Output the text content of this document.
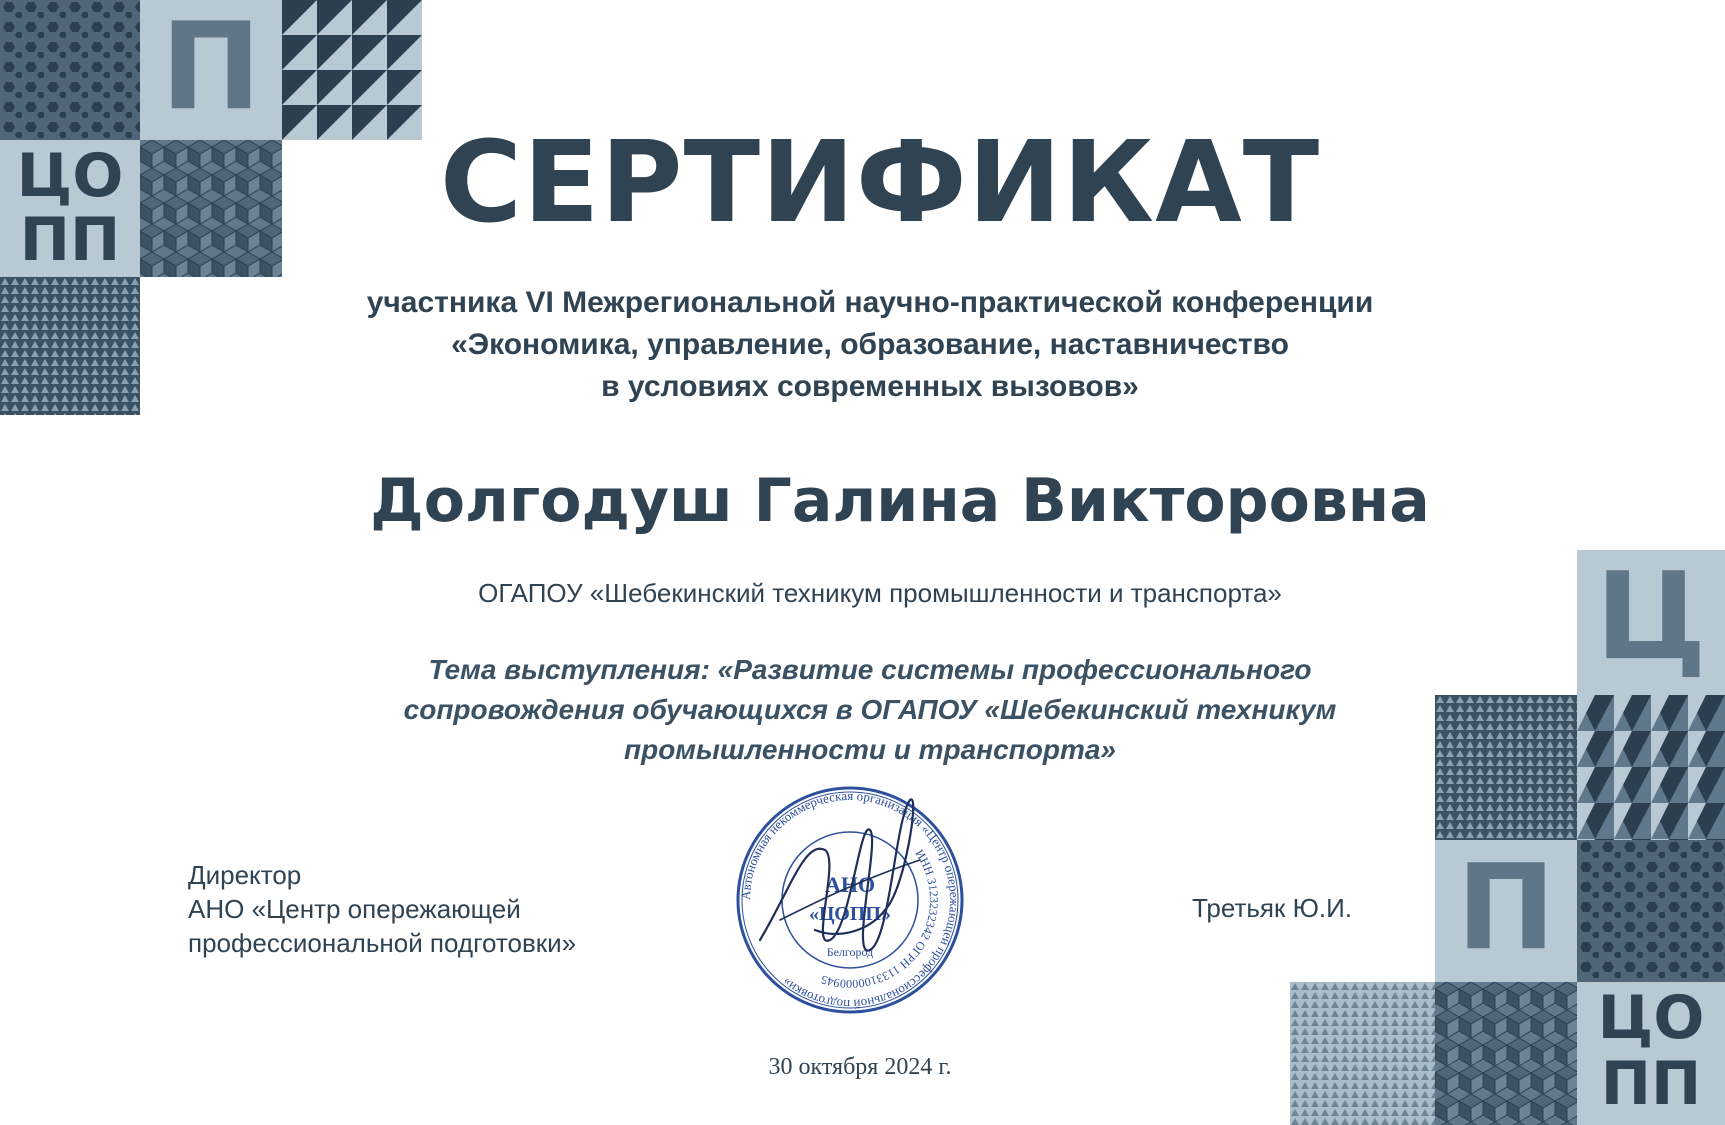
П
ЦО
ПП
Ц
П
ЦО
ПП
СЕРТИФИКАТ
участника VI Межрегиональной научно-практической конференции
«Экономика, управление, образование, наставничество
в условиях современных вызовов»
Долгодуш Галина Викторовна
ОГАПОУ «Шебекинский техникум промышленности и транспорта»
Тема выступления: «Развитие системы профессионального
сопровождения обучающихся в ОГАПОУ «Шебекинский техникум
промышленности и транспорта»
Директор
АНО «Центр опережающей
профессиональной подготовки»
Третьяк Ю.И.
Автономная некоммерческая организация «Центр опережающей профессиональной подготовки»
ИНН 3123232342 ОГРН 1133100000945
АНО
«ЦОПП»
Белгород
30 октября 2024 г.
